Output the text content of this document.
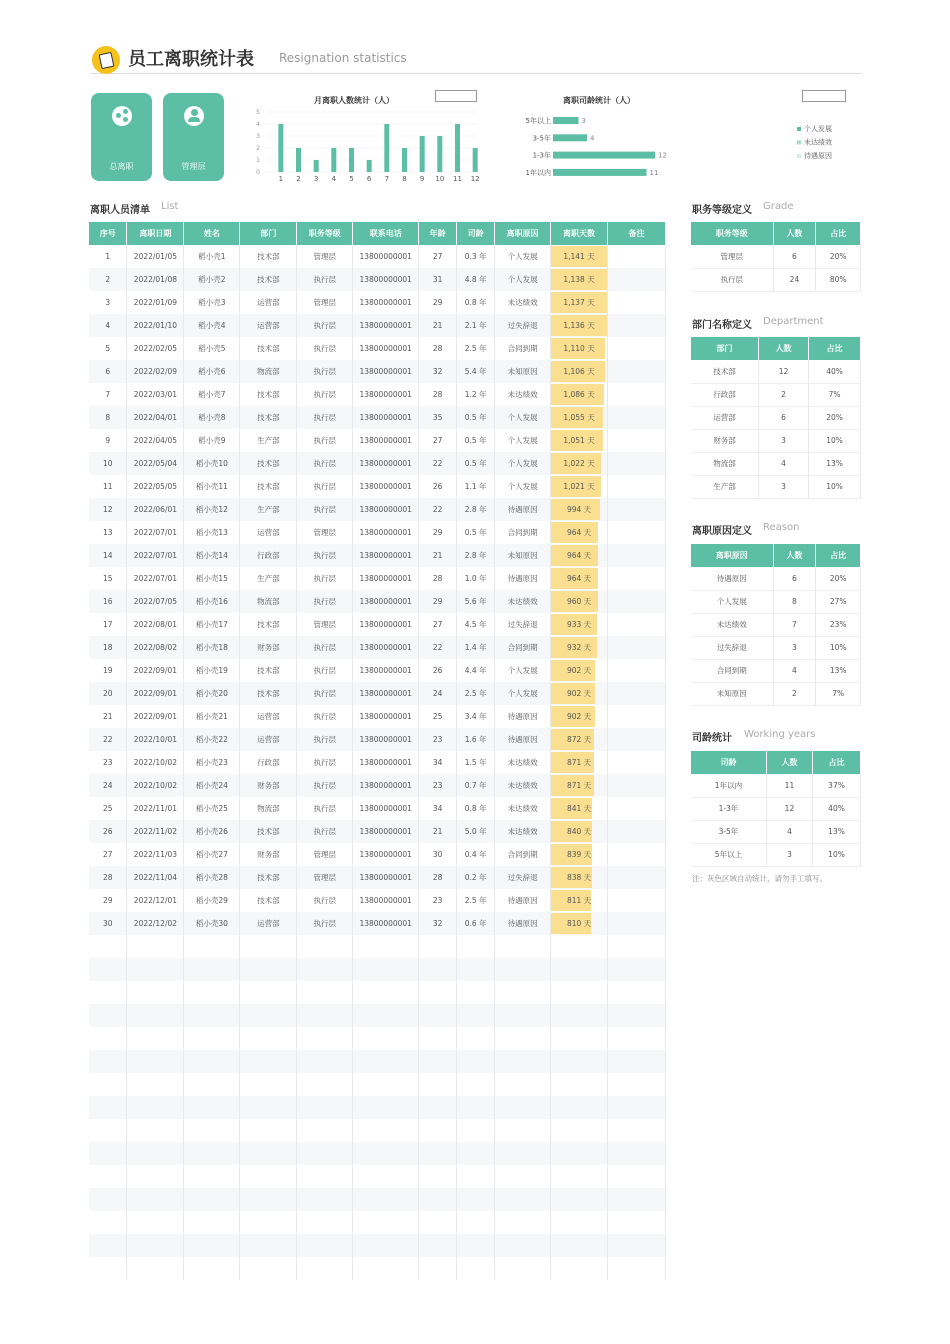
员工离职统计表 Resignation statistics
总离职	管理层
月离职人数统计（人）
0
1
2
3
4
5
1 2 3 4 5 6 7 8 9 10 11 12
离职司龄统计（人）
5年以上	3
3-5年	4
1-3年	12
1年以内	11
个人发展
未达绩效
待遇原因
离职人员清单 List
序号	离职日期	姓名	部门	职务等级	联系电话	年龄	司龄	离职原因	离职天数	备注
1	2022/01/05	稻小壳1	技术部	管理层	13800000001	27	0.3 年	个人发展	1,141 天	
2	2022/01/08	稻小壳2	技术部	执行层	13800000001	31	4.8 年	个人发展	1,138 天	
3	2022/01/09	稻小壳3	运营部	管理层	13800000001	29	0.8 年	未达绩效	1,137 天	
4	2022/01/10	稻小壳4	运营部	执行层	13800000001	21	2.1 年	过失辞退	1,136 天	
5	2022/02/05	稻小壳5	技术部	执行层	13800000001	28	2.5 年	合同到期	1,110 天	
6	2022/02/09	稻小壳6	物流部	执行层	13800000001	32	5.4 年	未知原因	1,106 天	
7	2022/03/01	稻小壳7	技术部	执行层	13800000001	28	1.2 年	未达绩效	1,086 天	
8	2022/04/01	稻小壳8	技术部	执行层	13800000001	35	0.5 年	个人发展	1,055 天	
9	2022/04/05	稻小壳9	生产部	执行层	13800000001	27	0.5 年	个人发展	1,051 天	
10	2022/05/04	稻小壳10	技术部	执行层	13800000001	22	0.5 年	个人发展	1,022 天	
11	2022/05/05	稻小壳11	技术部	执行层	13800000001	26	1.1 年	个人发展	1,021 天	
12	2022/06/01	稻小壳12	生产部	执行层	13800000001	22	2.8 年	待遇原因	994 天	
13	2022/07/01	稻小壳13	运营部	管理层	13800000001	29	0.5 年	合同到期	964 天	
14	2022/07/01	稻小壳14	行政部	执行层	13800000001	21	2.8 年	未知原因	964 天	
15	2022/07/01	稻小壳15	生产部	执行层	13800000001	28	1.0 年	待遇原因	964 天	
16	2022/07/05	稻小壳16	物流部	执行层	13800000001	29	5.6 年	未达绩效	960 天	
17	2022/08/01	稻小壳17	技术部	管理层	13800000001	27	4.5 年	过失辞退	933 天	
18	2022/08/02	稻小壳18	财务部	执行层	13800000001	22	1.4 年	合同到期	932 天	
19	2022/09/01	稻小壳19	技术部	执行层	13800000001	26	4.4 年	个人发展	902 天	
20	2022/09/01	稻小壳20	技术部	执行层	13800000001	24	2.5 年	个人发展	902 天	
21	2022/09/01	稻小壳21	运营部	执行层	13800000001	25	3.4 年	待遇原因	902 天	
22	2022/10/01	稻小壳22	运营部	执行层	13800000001	23	1.6 年	待遇原因	872 天	
23	2022/10/02	稻小壳23	行政部	执行层	13800000001	34	1.5 年	未达绩效	871 天	
24	2022/10/02	稻小壳24	财务部	执行层	13800000001	23	0.7 年	未达绩效	871 天	
25	2022/11/01	稻小壳25	物流部	执行层	13800000001	34	0.8 年	未达绩效	841 天	
26	2022/11/02	稻小壳26	技术部	执行层	13800000001	21	5.0 年	未达绩效	840 天	
27	2022/11/03	稻小壳27	财务部	管理层	13800000001	30	0.4 年	合同到期	839 天	
28	2022/11/04	稻小壳28	技术部	管理层	13800000001	28	0.2 年	过失辞退	838 天	
29	2022/12/01	稻小壳29	技术部	执行层	13800000001	23	2.5 年	待遇原因	811 天	
30	2022/12/02	稻小壳30	运营部	执行层	13800000001	32	0.6 年	待遇原因	810 天	

职务等级定义 Grade
职务等级	人数	占比
管理层	6	20%
执行层	24	80%
部门名称定义 Department
部门	人数	占比
技术部	12	40%
行政部	2	7%
运营部	6	20%
财务部	3	10%
物流部	4	13%
生产部	3	10%
离职原因定义 Reason
离职原因	人数	占比
待遇原因	6	20%
个人发展	8	27%
未达绩效	7	23%
过失辞退	3	10%
合同到期	4	13%
未知原因	2	7%
司龄统计 Working years
司龄	人数	占比
1年以内	11	37%
1-3年	12	40%
3-5年	4	13%
5年以上	3	10%
注：灰色区域自动统计，请勿手工填写。
